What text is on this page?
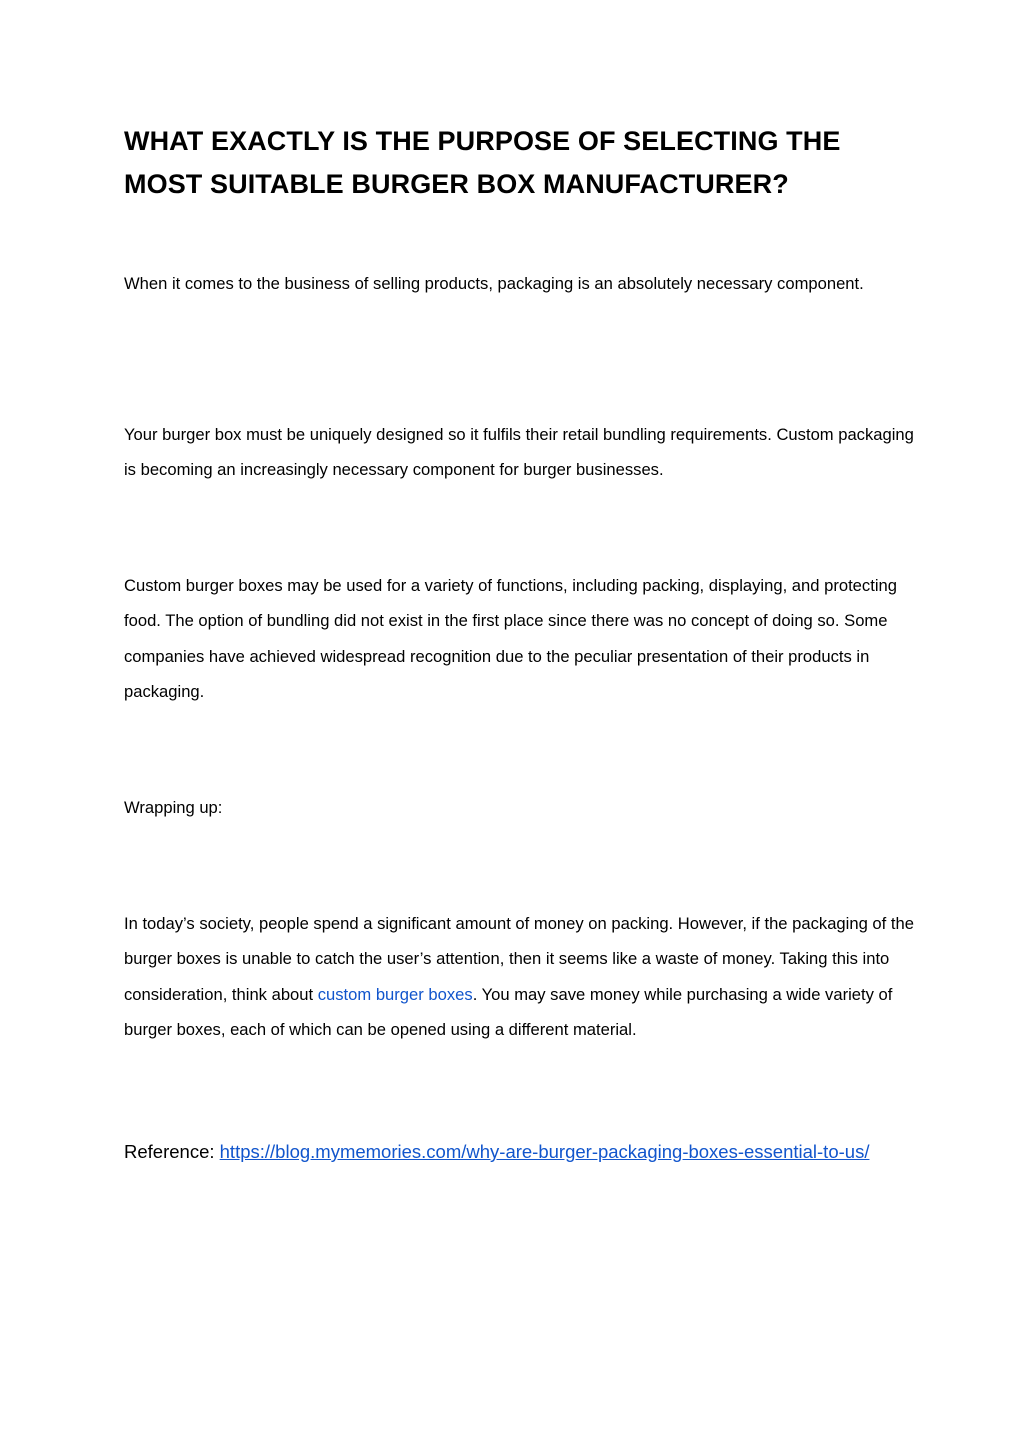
WHAT EXACTLY IS THE PURPOSE OF SELECTING THE
MOST SUITABLE BURGER BOX MANUFACTURER?

When it comes to the business of selling products, packaging is an absolutely necessary component.

Your burger box must be uniquely designed so it fulfils their retail bundling requirements. Custom packaging is becoming an increasingly necessary component for burger businesses.

Custom burger boxes may be used for a variety of functions, including packing, displaying, and protecting food. The option of bundling did not exist in the first place since there was no concept of doing so. Some companies have achieved widespread recognition due to the peculiar presentation of their products in packaging.

Wrapping up:

In today’s society, people spend a significant amount of money on packing. However, if the packaging of the burger boxes is unable to catch the user’s attention, then it seems like a waste of money. Taking this into consideration, think about custom burger boxes. You may save money while purchasing a wide variety of burger boxes, each of which can be opened using a different material.

Reference: https://blog.mymemories.com/why-are-burger-packaging-boxes-essential-to-us/
